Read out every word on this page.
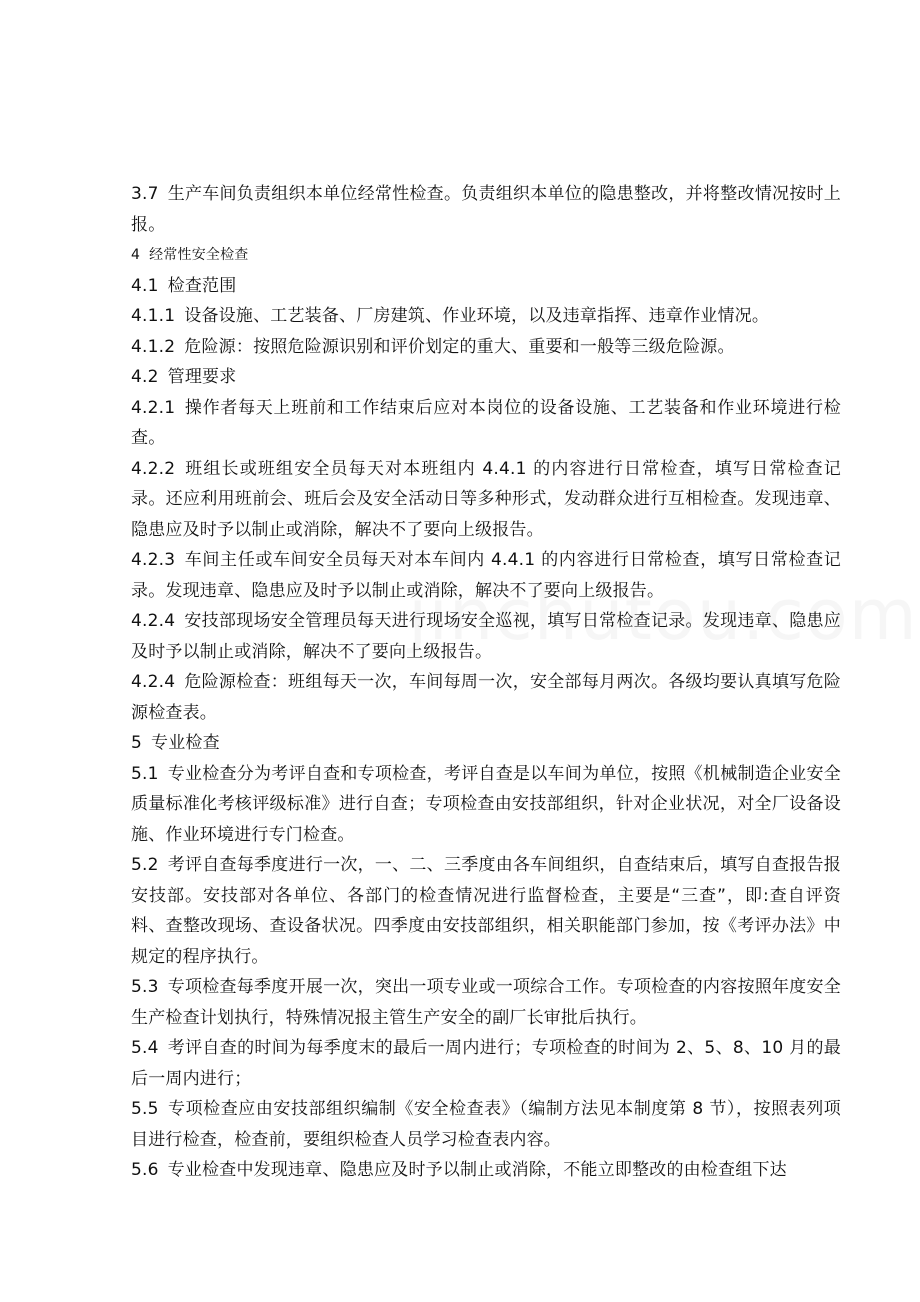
3.7 生产车间负责组织本单位经常性检查。负责组织本单位的隐患整改，并将整改情况按时上报。

4 经常性安全检查

4.1 检查范围

4.1.1 设备设施、工艺装备、厂房建筑、作业环境，以及违章指挥、违章作业情况。

4.1.2 危险源：按照危险源识别和评价划定的重大、重要和一般等三级危险源。

4.2 管理要求

4.2.1 操作者每天上班前和工作结束后应对本岗位的设备设施、工艺装备和作业环境进行检查。

4.2.2 班组长或班组安全员每天对本班组内 4.4.1 的内容进行日常检查，填写日常检查记录。还应利用班前会、班后会及安全活动日等多种形式，发动群众进行互相检查。发现违章、隐患应及时予以制止或消除，解决不了要向上级报告。

4.2.3 车间主任或车间安全员每天对本车间内 4.4.1 的内容进行日常检查，填写日常检查记录。发现违章、隐患应及时予以制止或消除，解决不了要向上级报告。

4.2.4 安技部现场安全管理员每天进行现场安全巡视，填写日常检查记录。发现违章、隐患应及时予以制止或消除，解决不了要向上级报告。

4.2.4 危险源检查：班组每天一次，车间每周一次，安全部每月两次。各级均要认真填写危险源检查表。

5 专业检查

5.1 专业检查分为考评自查和专项检查，考评自查是以车间为单位，按照《机械制造企业安全质量标准化考核评级标准》进行自查；专项检查由安技部组织，针对企业状况，对全厂设备设施、作业环境进行专门检查。

5.2 考评自查每季度进行一次，一、二、三季度由各车间组织，自查结束后，填写自查报告报安技部。安技部对各单位、各部门的检查情况进行监督检查，主要是“三查”，即:查自评资料、查整改现场、查设备状况。四季度由安技部组织，相关职能部门参加，按《考评办法》中规定的程序执行。

5.3 专项检查每季度开展一次，突出一项专业或一项综合工作。专项检查的内容按照年度安全生产检查计划执行，特殊情况报主管生产安全的副厂长审批后执行。

5.4 考评自查的时间为每季度末的最后一周内进行；专项检查的时间为 2、5、8、10 月的最后一周内进行；

5.5 专项检查应由安技部组织编制《安全检查表》（编制方法见本制度第 8 节），按照表列项目进行检查，检查前，要组织检查人员学习检查表内容。

5.6 专业检查中发现违章、隐患应及时予以制止或消除，不能立即整改的由检查组下达
